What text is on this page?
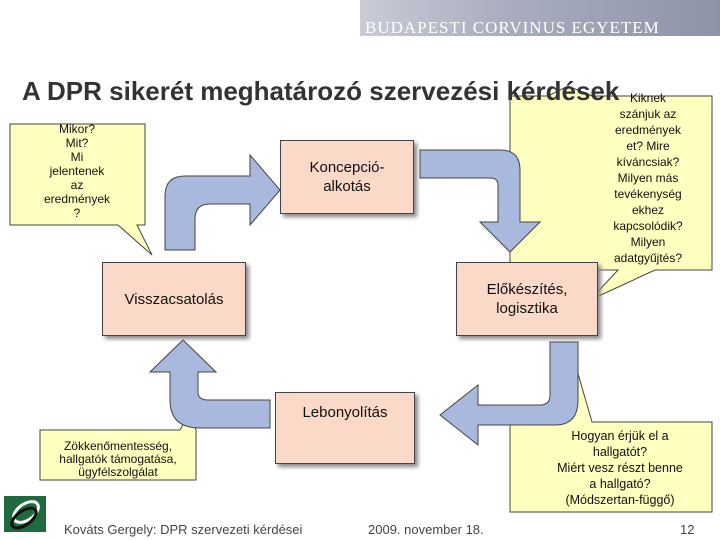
BUDAPESTI CORVINUS EGYETEM
A DPR sikerét meghatározó szervezési kérdések
Mikor?
Mit?
Mi
jelentenek
az
eredmények
?
Kiknek
szánjuk az
eredmények
et? Mire
kíváncsiak?
Milyen más
tevékenység
ekhez
kapcsolódik?
Milyen
adatgyűjtés?
Zökkenőmentesség,
hallgatók támogatása,
ügyfélszolgálat
Hogyan érjük el a
hallgatót?
Miért vesz részt benne
a hallgató?
(Módszertan-függő)
Koncepció-
alkotás
Előkészítés,
logisztika
Lebonyolítás
Visszacsatolás
Kováts Gergely: DPR szervezeti kérdései	2009. november 18.	12
